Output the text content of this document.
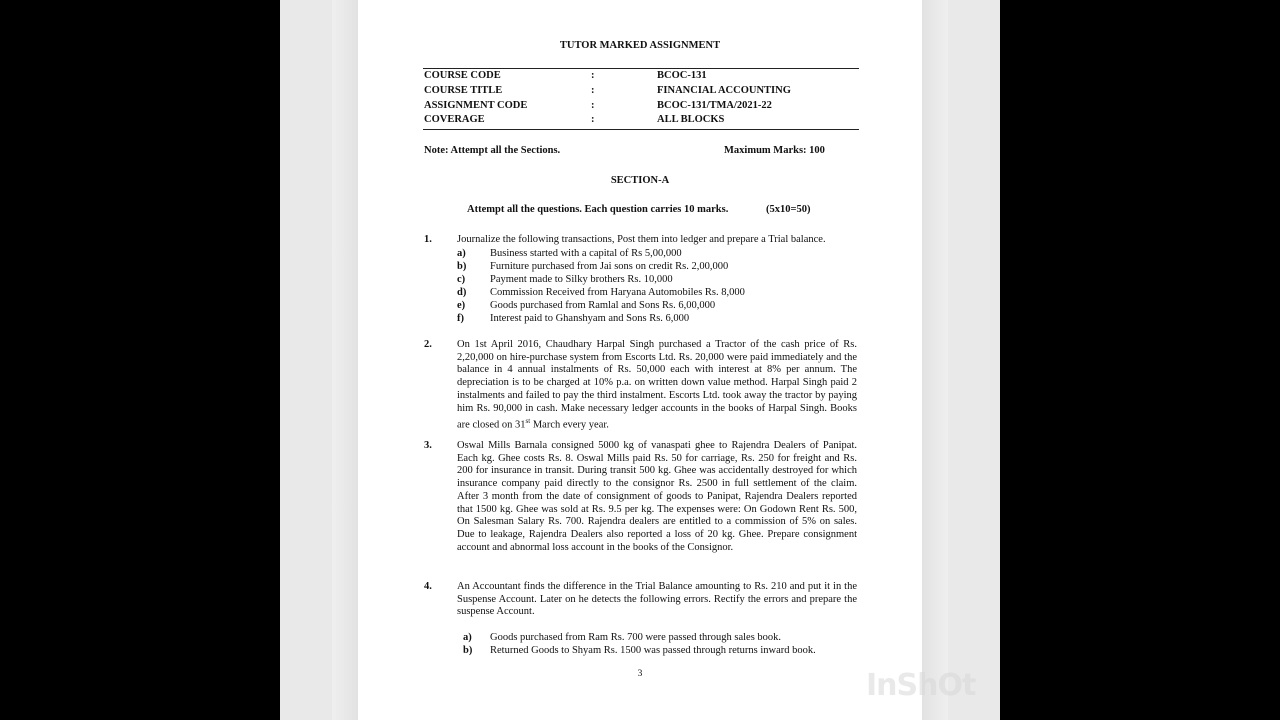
TUTOR MARKED ASSIGNMENT
COURSE CODE	:	BCOC-131
COURSE TITLE	:	FINANCIAL ACCOUNTING
ASSIGNMENT CODE	:	BCOC-131/TMA/2021-22
COVERAGE	:	ALL BLOCKS
Note: Attempt all the Sections.	Maximum Marks: 100
SECTION-A
Attempt all the questions. Each question carries 10 marks.	(5x10=50)
1. Journalize the following transactions, Post them into ledger and prepare a Trial balance.
a) Business started with a capital of Rs 5,00,000
b) Furniture purchased from Jai sons on credit Rs. 2,00,000
c) Payment made to Silky brothers Rs. 10,000
d) Commission Received from Haryana Automobiles Rs. 8,000
e) Goods purchased from Ramlal and Sons Rs. 6,00,000
f) Interest paid to Ghanshyam and Sons Rs. 6,000
2. On 1st April 2016, Chaudhary Harpal Singh purchased a Tractor of the cash price of Rs. 2,20,000 on hire-purchase system from Escorts Ltd. Rs. 20,000 were paid immediately and the balance in 4 annual instalments of Rs. 50,000 each with interest at 8% per annum. The depreciation is to be charged at 10% p.a. on written down value method. Harpal Singh paid 2 instalments and failed to pay the third instalment. Escorts Ltd. took away the tractor by paying him Rs. 90,000 in cash. Make necessary ledger accounts in the books of Harpal Singh. Books are closed on 31st March every year.
3. Oswal Mills Barnala consigned 5000 kg of vanaspati ghee to Rajendra Dealers of Panipat. Each kg. Ghee costs Rs. 8. Oswal Mills paid Rs. 50 for carriage, Rs. 250 for freight and Rs. 200 for insurance in transit. During transit 500 kg. Ghee was accidentally destroyed for which insurance company paid directly to the consignor Rs. 2500 in full settlement of the claim. After 3 month from the date of consignment of goods to Panipat, Rajendra Dealers reported that 1500 kg. Ghee was sold at Rs. 9.5 per kg. The expenses were: On Godown Rent Rs. 500, On Salesman Salary Rs. 700. Rajendra dealers are entitled to a commission of 5% on sales. Due to leakage, Rajendra Dealers also reported a loss of 20 kg. Ghee. Prepare consignment account and abnormal loss account in the books of the Consignor.
4. An Accountant finds the difference in the Trial Balance amounting to Rs. 210 and put it in the Suspense Account. Later on he detects the following errors. Rectify the errors and prepare the suspense Account.
a) Goods purchased from Ram Rs. 700 were passed through sales book.
b) Returned Goods to Shyam Rs. 1500 was passed through returns inward book.
3	InShOt
